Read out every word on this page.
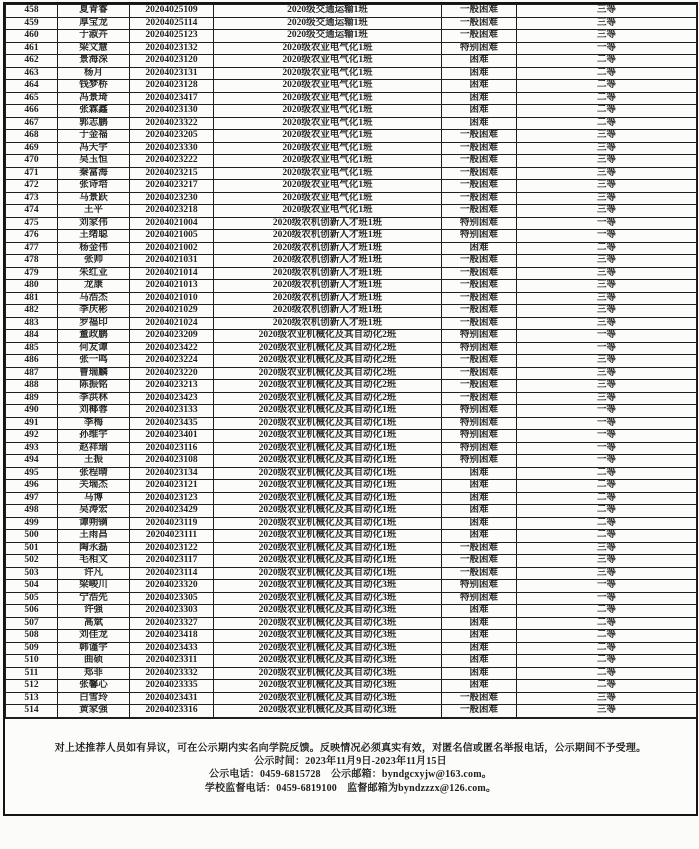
458	夏青睿	20204025109	2020级交通运输1班	一般困难	三等
459	厚宝龙	20204025114	2020级交通运输1班	一般困难	三等
460	于淑卉	20204025123	2020级交通运输1班	一般困难	三等
461	梁文慧	20204023132	2020级农业电气化1班	特别困难	一等
462	景海深	20204023120	2020级农业电气化1班	困难	二等
463	杨月	20204023131	2020级农业电气化1班	困难	二等
464	钱梦桥	20204023128	2020级农业电气化1班	困难	二等
465	冯景琦	20204023417	2020级农业电气化1班	困难	二等
466	张霖鑫	20204023130	2020级农业电气化1班	困难	二等
467	郭志鹏	20204023322	2020级农业电气化1班	困难	二等
468	于金福	20204023205	2020级农业电气化1班	一般困难	三等
469	冯天宇	20204023330	2020级农业电气化1班	一般困难	三等
470	吴玉恒	20204023222	2020级农业电气化1班	一般困难	三等
471	秦富海	20204023215	2020级农业电气化1班	一般困难	三等
472	张诗培	20204023217	2020级农业电气化1班	一般困难	三等
473	马景跃	20204023230	2020级农业电气化1班	一般困难	三等
474	王平	20204023218	2020级农业电气化1班	一般困难	三等
475	刘家伟	20204021004	2020级农机创新人才班1班	特别困难	一等
476	王绪聪	20204021005	2020级农机创新人才班1班	特别困难	一等
477	杨金伟	20204021002	2020级农机创新人才班1班	困难	二等
478	张帅	20204021031	2020级农机创新人才班1班	一般困难	三等
479	朱红亚	20204021014	2020级农机创新人才班1班	一般困难	三等
480	龙康	20204021013	2020级农机创新人才班1班	一般困难	三等
481	马浩杰	20204021010	2020级农机创新人才班1班	一般困难	三等
482	李庆彬	20204021029	2020级农机创新人才班1班	一般困难	三等
483	罗福印	20204021024	2020级农机创新人才班1班	一般困难	三等
484	董政鹏	20204023209	2020级农业机械化及其自动化2班	特别困难	一等
485	何友谭	20204023422	2020级农业机械化及其自动化2班	特别困难	一等
486	张一鸣	20204023224	2020级农业机械化及其自动化2班	一般困难	三等
487	曹瑞麟	20204023220	2020级农业机械化及其自动化2班	一般困难	三等
488	陈振铭	20204023213	2020级农业机械化及其自动化2班	一般困难	三等
489	李洪林	20204023423	2020级农业机械化及其自动化2班	一般困难	三等
490	刘椰蓉	20204023133	2020级农业机械化及其自动化1班	特别困难	一等
491	李梅	20204023435	2020级农业机械化及其自动化1班	特别困难	一等
492	孙维宇	20204023401	2020级农业机械化及其自动化1班	特别困难	一等
493	赵祥瑞	20204023116	2020级农业机械化及其自动化1班	特别困难	一等
494	王振	20204023108	2020级农业机械化及其自动化1班	特别困难	一等
495	张程晴	20204023134	2020级农业机械化及其自动化1班	困难	二等
496	关瑞杰	20204023121	2020级农业机械化及其自动化1班	困难	二等
497	马博	20204023123	2020级农业机械化及其自动化1班	困难	二等
498	吴涛宏	20204023429	2020级农业机械化及其自动化1班	困难	二等
499	谭朔镝	20204023119	2020级农业机械化及其自动化1班	困难	二等
500	王雨昌	20204023111	2020级农业机械化及其自动化1班	困难	二等
501	陶永磊	20204023122	2020级农业机械化及其自动化1班	一般困难	三等
502	毛相文	20204023117	2020级农业机械化及其自动化1班	一般困难	三等
503	许凡	20204023114	2020级农业机械化及其自动化1班	一般困难	三等
504	梁峻川	20204023320	2020级农业机械化及其自动化3班	特别困难	一等
505	宁浩先	20204023305	2020级农业机械化及其自动化3班	特别困难	一等
506	许强	20204023303	2020级农业机械化及其自动化3班	困难	二等
507	高斌	20204023327	2020级农业机械化及其自动化3班	困难	二等
508	刘佳龙	20204023418	2020级农业机械化及其自动化3班	困难	二等
509	韩谨宇	20204023433	2020级农业机械化及其自动化3班	困难	二等
510	曲硕	20204023311	2020级农业机械化及其自动化3班	困难	二等
511	郑菲	20204023332	2020级农业机械化及其自动化3班	困难	二等
512	张馨心	20204023335	2020级农业机械化及其自动化3班	困难	二等
513	白雪玲	20204023431	2020级农业机械化及其自动化3班	一般困难	三等
514	黄家强	20204023316	2020级农业机械化及其自动化3班	一般困难	三等

对上述推荐人员如有异议，可在公示期内实名向学院反馈。反映情况必须真实有效，对匿名信或匿名举报电话，公示期间不予受理。

公示时间：2023年11月9日-2023年11月15日

公示电话：0459-6815728　公示邮箱：byndgcxyjw@163.com。

学校监督电话：0459-6819100　监督邮箱为byndzzzx@126.com。
